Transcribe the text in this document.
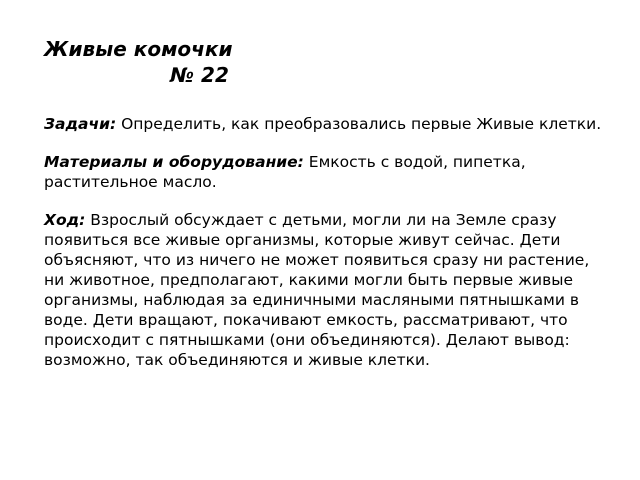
Живые комочки

№ 22

Задачи: Определить, как преобразовались первые Живые клетки.

Материалы и оборудование: Емкость с водой, пипетка, растительное масло.

Ход: Взрослый обсуждает с детьми, могли ли на Земле сразу появиться все живые организмы, которые живут сейчас. Дети объясняют, что из ничего не может появиться сразу ни растение, ни животное, предполагают, какими могли быть первые живые организмы, наблюдая за единичными масляными пятнышками в воде. Дети вращают, покачивают емкость, рассматривают, что происходит с пятнышками (они объединяются). Делают вывод: возможно, так объединяются и живые клетки.
